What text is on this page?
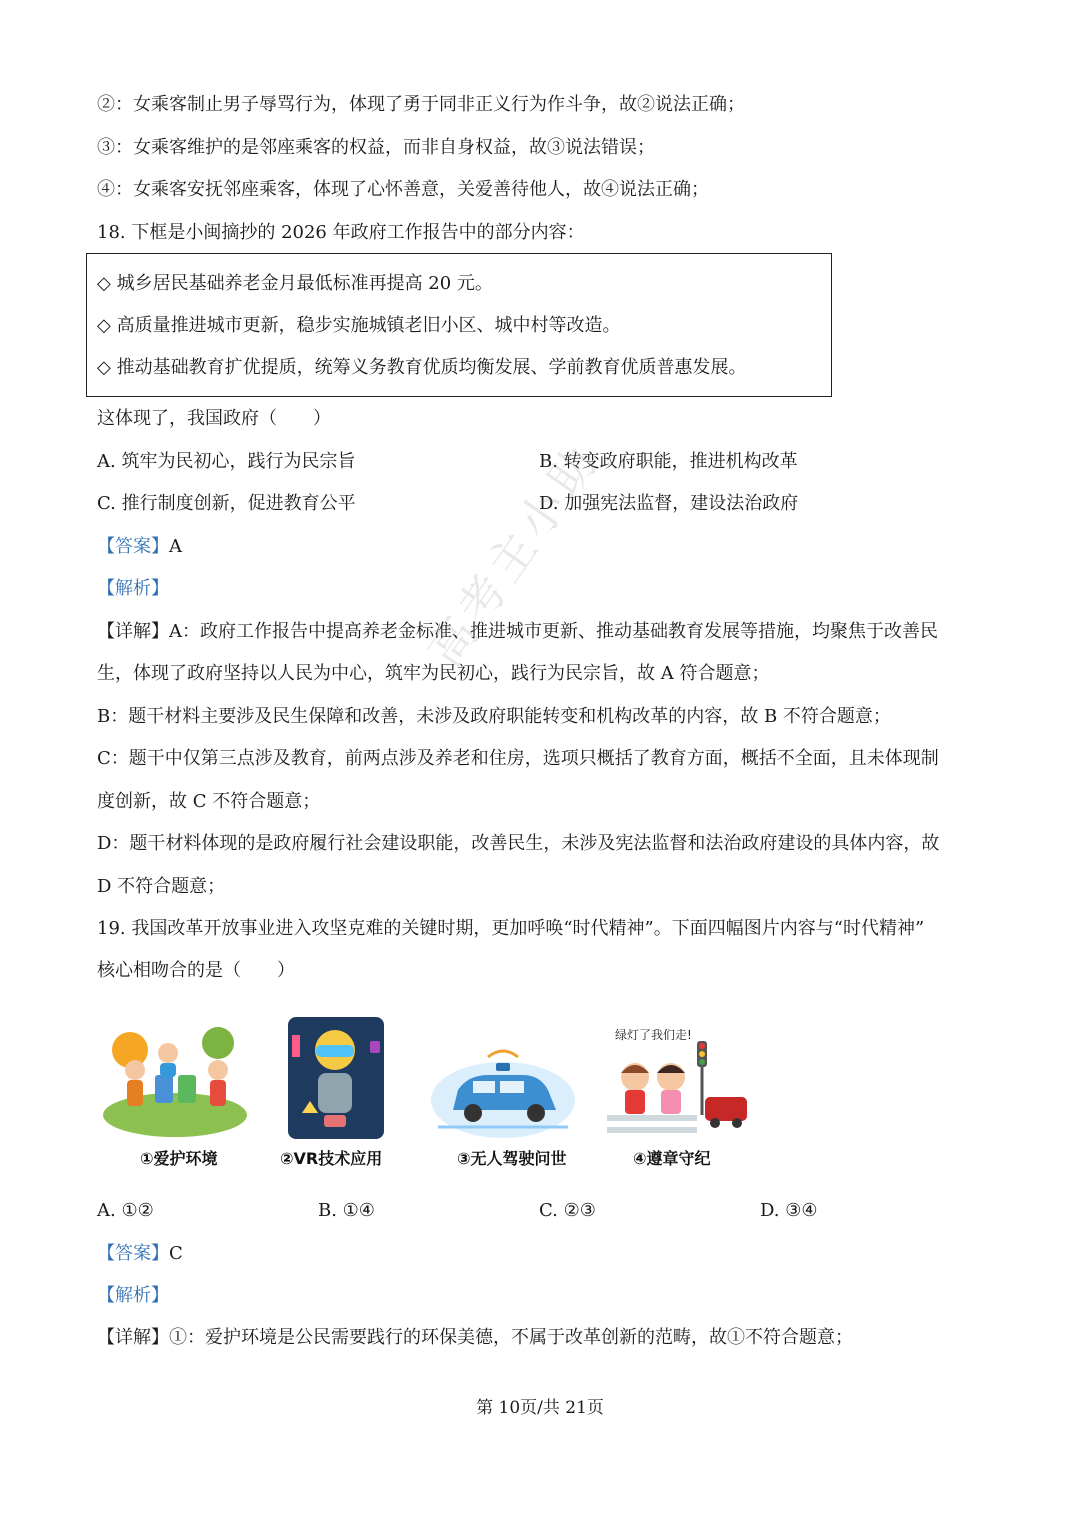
②：女乘客制止男子辱骂行为，体现了勇于同非正义行为作斗争，故②说法正确；
③：女乘客维护的是邻座乘客的权益，而非自身权益，故③说法错误；
④：女乘客安抚邻座乘客，体现了心怀善意，关爱善待他人，故④说法正确；
18. 下框是小闽摘抄的 2026 年政府工作报告中的部分内容：
◇ 城乡居民基础养老金月最低标准再提高 20 元。
◇ 高质量推进城市更新，稳步实施城镇老旧小区、城中村等改造。
◇ 推动基础教育扩优提质，统筹义务教育优质均衡发展、学前教育优质普惠发展。
这体现了，我国政府（　　）
A. 筑牢为民初心，践行为民宗旨	B. 转变政府职能，推进机构改革
C. 推行制度创新，促进教育公平	D. 加强宪法监督，建设法治政府
【答案】A
【解析】
【详解】A：政府工作报告中提高养老金标准、推进城市更新、推动基础教育发展等措施，均聚焦于改善民
生，体现了政府坚持以人民为中心，筑牢为民初心，践行为民宗旨，故 A 符合题意；
B：题干材料主要涉及民生保障和改善，未涉及政府职能转变和机构改革的内容，故 B 不符合题意；
C：题干中仅第三点涉及教育，前两点涉及养老和住房，选项只概括了教育方面，概括不全面，且未体现制
度创新，故 C 不符合题意；
D：题干材料体现的是政府履行社会建设职能，改善民生，未涉及宪法监督和法治政府建设的具体内容，故
D 不符合题意；
19. 我国改革开放事业进入攻坚克难的关键时期，更加呼唤“时代精神”。下面四幅图片内容与“时代精神”
核心相吻合的是（　　）
①爱护环境	②VR技术应用	③无人驾驶问世
绿灯了我们走!
④遵章守纪
A. ①②	B. ①④	C. ②③	D. ③④
【答案】C
【解析】
【详解】①：爱护环境是公民需要践行的环保美德，不属于改革创新的范畴，故①不符合题意；
高考主小助
第 10页/共 21页
